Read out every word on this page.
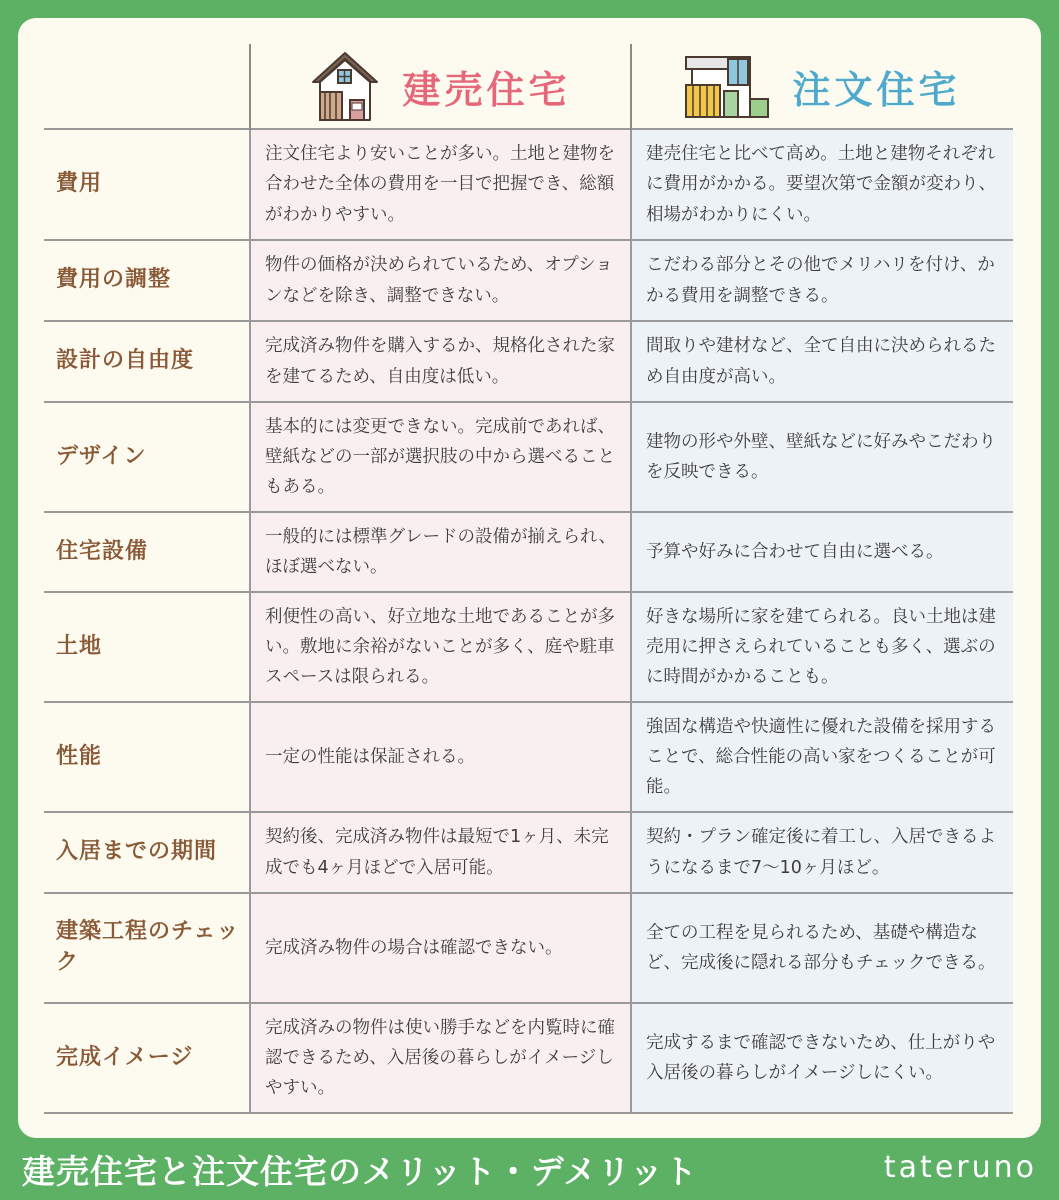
	建売住宅	注文住宅

費用	注文住宅より安いことが多い。土地と建物を合わせた全体の費用を一目で把握でき、総額がわかりやすい。	建売住宅と比べて高め。土地と建物それぞれに費用がかかる。要望次第で金額が変わり、相場がわかりにくい。
費用の調整	物件の価格が決められているため、オプションなどを除き、調整できない。	こだわる部分とその他でメリハリを付け、かかる費用を調整できる。
設計の自由度	完成済み物件を購入するか、規格化された家を建てるため、自由度は低い。	間取りや建材など、全て自由に決められるため自由度が高い。
デザイン	基本的には変更できない。完成前であれば、壁紙などの一部が選択肢の中から選べることもある。	建物の形や外壁、壁紙などに好みやこだわりを反映できる。
住宅設備	一般的には標準グレードの設備が揃えられ、ほぼ選べない。	予算や好みに合わせて自由に選べる。
土地	利便性の高い、好立地な土地であることが多い。敷地に余裕がないことが多く、庭や駐車スペースは限られる。	好きな場所に家を建てられる。良い土地は建売用に押さえられていることも多く、選ぶのに時間がかかることも。
性能	一定の性能は保証される。	強固な構造や快適性に優れた設備を採用することで、総合性能の高い家をつくることが可能。
入居までの期間	契約後、完成済み物件は最短で1ヶ月、未完成でも4ヶ月ほどで入居可能。	契約・プラン確定後に着工し、入居できるようになるまで7〜10ヶ月ほど。
建築工程のチェック	完成済み物件の場合は確認できない。	全ての工程を見られるため、基礎や構造など、完成後に隠れる部分もチェックできる。
完成イメージ	完成済みの物件は使い勝手などを内覧時に確認できるため、入居後の暮らしがイメージしやすい。	完成するまで確認できないため、仕上がりや入居後の暮らしがイメージしにくい。
建売住宅と注文住宅のメリット・デメリット	tateruno
